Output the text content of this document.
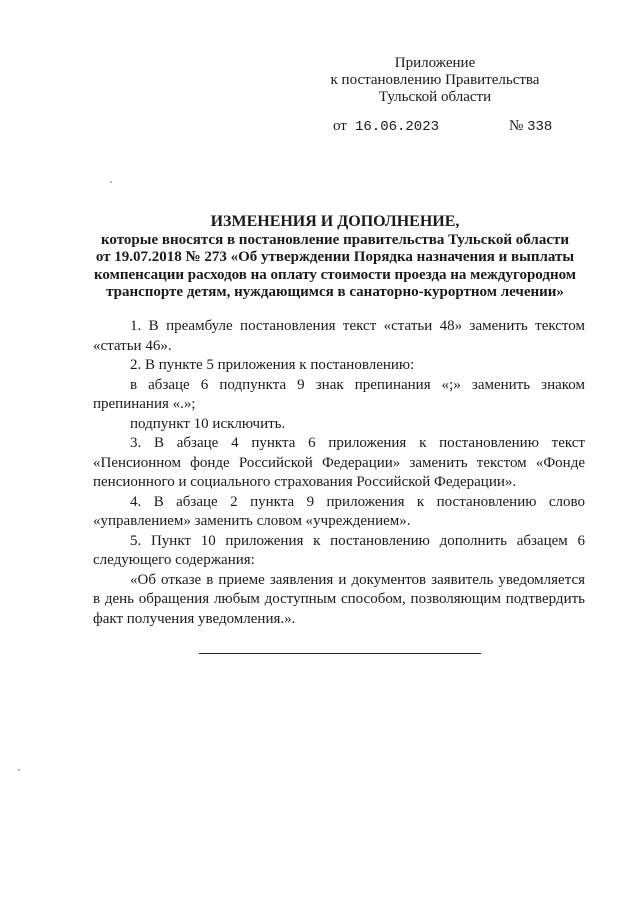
Приложение
к постановлению Правительства
Тульской области
от 16.06.2023	№ 338
ИЗМЕНЕНИЯ И ДОПОЛНЕНИЕ,
которые вносятся в постановление правительства Тульской области
от 19.07.2018 № 273 «Об утверждении Порядка назначения и выплаты
компенсации расходов на оплату стоимости проезда на междугородном
транспорте детям, нуждающимся в санаторно-курортном лечении»

1. В преамбуле постановления текст «статьи 48» заменить текстом «статьи 46».

2. В пункте 5 приложения к постановлению:

в абзаце 6 подпункта 9 знак препинания «;» заменить знаком препинания «.»;

подпункт 10 исключить.

3. В абзаце 4 пункта 6 приложения к постановлению текст «Пенсионном фонде Российской Федерации» заменить текстом «Фонде пенсионного и социального страхования Российской Федерации».

4. В абзаце 2 пункта 9 приложения к постановлению слово «управлением» заменить словом «учреждением».

5. Пункт 10 приложения к постановлению дополнить абзацем 6 следующего содержания:

«Об отказе в приеме заявления и документов заявитель уведомляется в день обращения любым доступным способом, позволяющим подтвердить факт получения уведомления.».
